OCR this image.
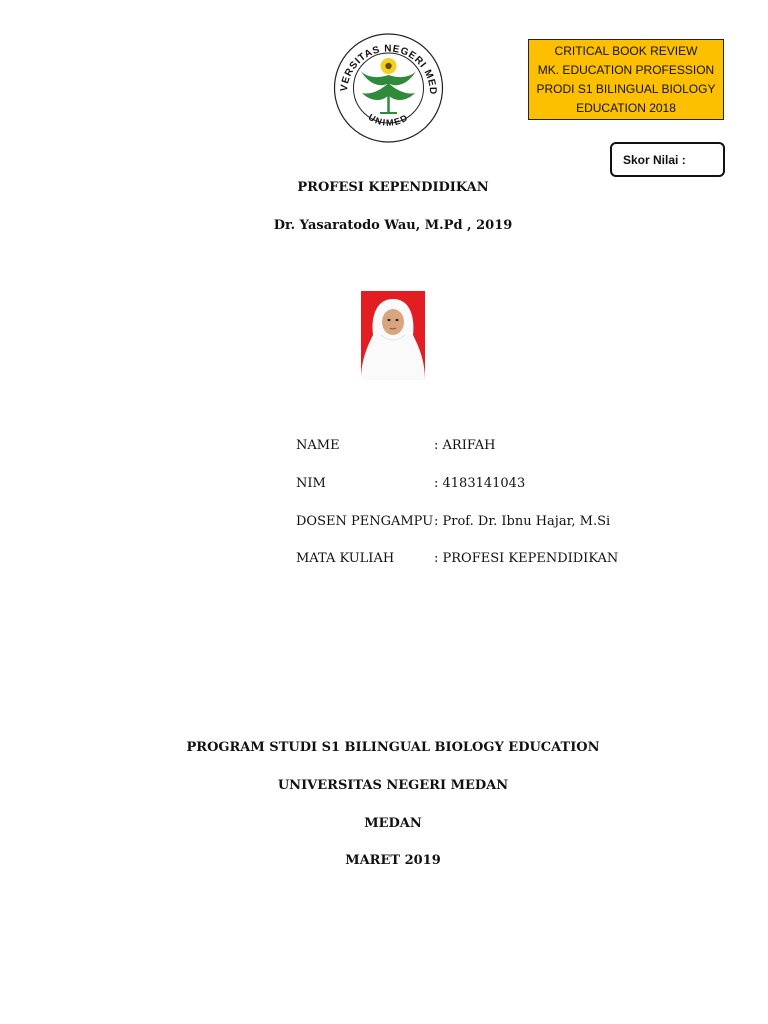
VERSITAS NEGERI MED
UNIMED
CRITICAL BOOK REVIEW
MK. EDUCATION PROFESSION
PRODI S1 BILINGUAL BIOLOGY
EDUCATION 2018
Skor Nilai :
PROFESI KEPENDIDIKAN
Dr. Yasaratodo Wau, M.Pd , 2019
NAME	: ARIFAH
NIM	: 4183141043
DOSEN PENGAMPU : Prof. Dr. Ibnu Hajar, M.Si
MATA KULIAH	: PROFESI KEPENDIDIKAN
PROGRAM STUDI S1 BILINGUAL BIOLOGY EDUCATION
UNIVERSITAS NEGERI MEDAN
MEDAN
MARET 2019
